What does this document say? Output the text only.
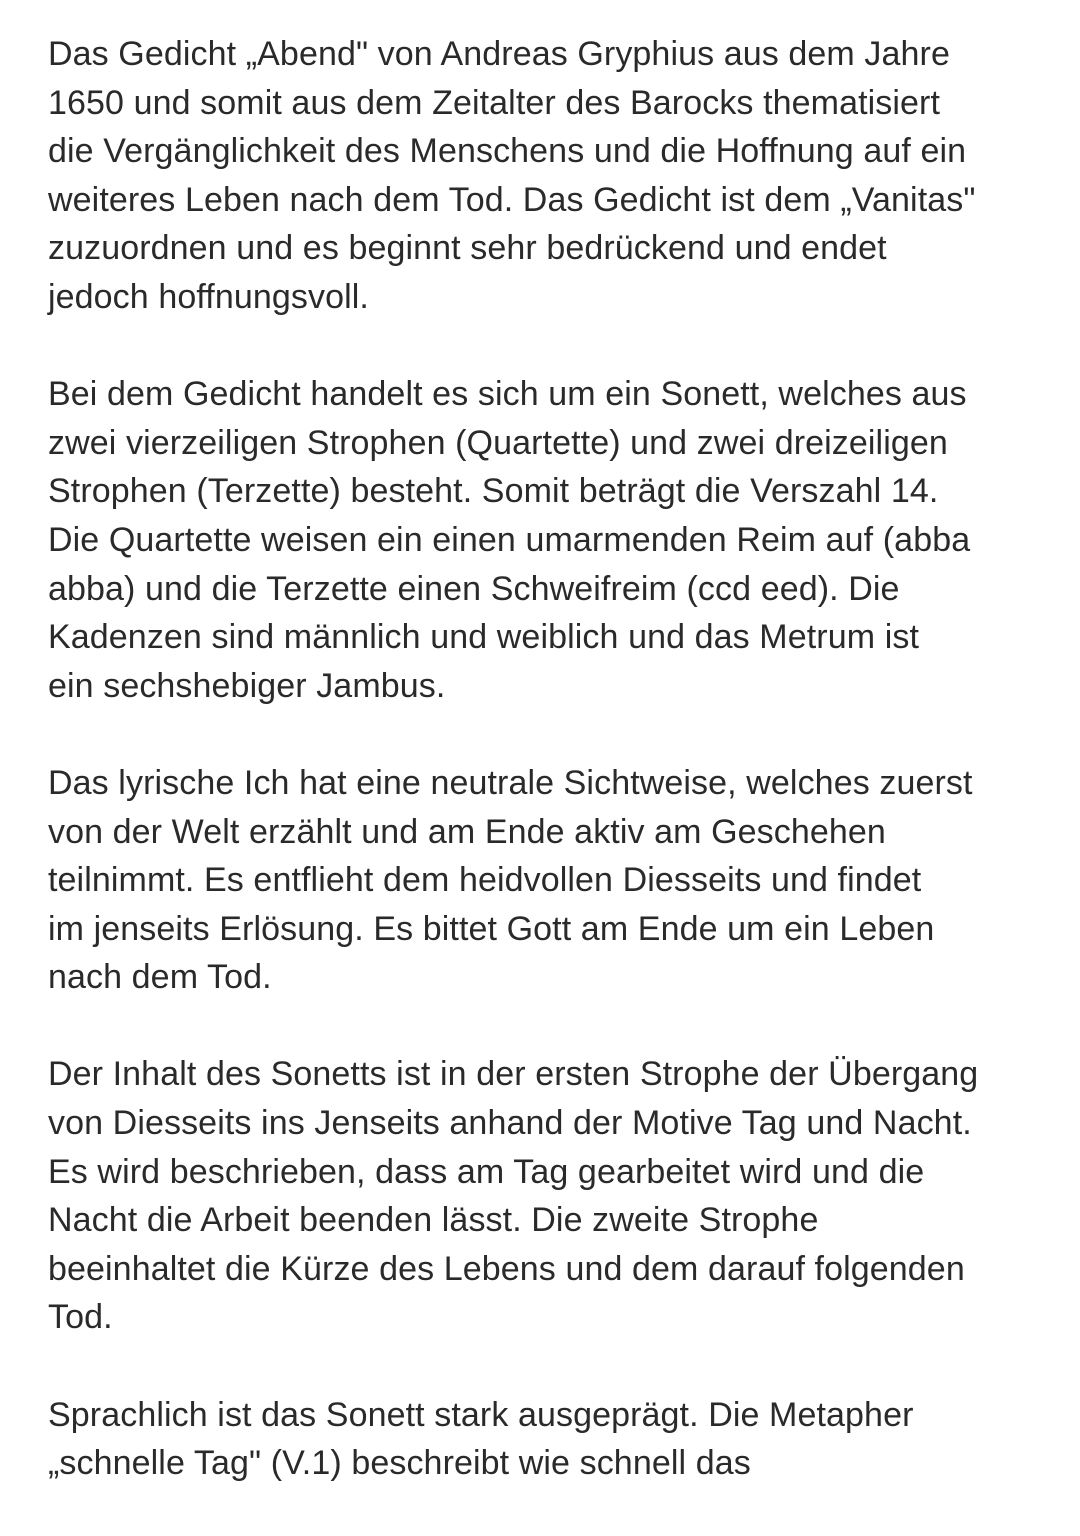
Das Gedicht „Abend" von Andreas Gryphius aus dem Jahre
1650 und somit aus dem Zeitalter des Barocks thematisiert
die Vergänglichkeit des Menschens und die Hoffnung auf ein
weiteres Leben nach dem Tod. Das Gedicht ist dem „Vanitas"
zuzuordnen und es beginnt sehr bedrückend und endet
jedoch hoffnungsvoll.

Bei dem Gedicht handelt es sich um ein Sonett, welches aus
zwei vierzeiligen Strophen (Quartette) und zwei dreizeiligen
Strophen (Terzette) besteht. Somit beträgt die Verszahl 14.
Die Quartette weisen ein einen umarmenden Reim auf (abba
abba) und die Terzette einen Schweifreim (ccd eed). Die
Kadenzen sind männlich und weiblich und das Metrum ist
ein sechshebiger Jambus.

Das lyrische Ich hat eine neutrale Sichtweise, welches zuerst
von der Welt erzählt und am Ende aktiv am Geschehen
teilnimmt. Es entflieht dem heidvollen Diesseits und findet
im jenseits Erlösung. Es bittet Gott am Ende um ein Leben
nach dem Tod.

Der Inhalt des Sonetts ist in der ersten Strophe der Übergang
von Diesseits ins Jenseits anhand der Motive Tag und Nacht.
Es wird beschrieben, dass am Tag gearbeitet wird und die
Nacht die Arbeit beenden lässt. Die zweite Strophe
beeinhaltet die Kürze des Lebens und dem darauf folgenden
Tod.

Sprachlich ist das Sonett stark ausgeprägt. Die Metapher
„schnelle Tag" (V.1) beschreibt wie schnell das
